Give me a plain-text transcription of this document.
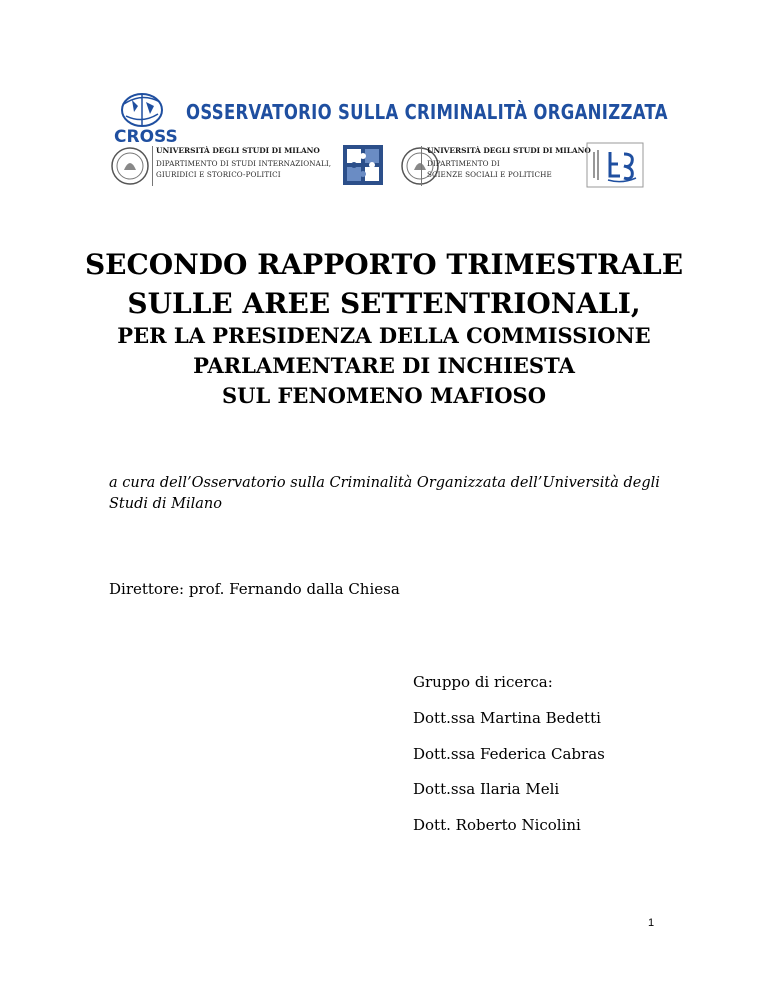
CROSS
OSSERVATORIO SULLA CRIMINALITÀ ORGANIZZATA
UNIVERSITÀ DEGLI STUDI DI MILANO
DIPARTIMENTO DI STUDI INTERNAZIONALI,
GIURIDICI E STORICO-POLITICI
UNIVERSITÀ DEGLI STUDI DI MILANO
DIPARTIMENTO DI
SCIENZE SOCIALI E POLITICHE
SECONDO RAPPORTO TRIMESTRALE
SULLE AREE SETTENTRIONALI,
PER LA PRESIDENZA DELLA COMMISSIONE
PARLAMENTARE DI INCHIESTA
SUL FENOMENO MAFIOSO
a cura dell’Osservatorio sulla Criminalità Organizzata dell’Università degli Studi di Milano
Direttore: prof. Fernando dalla Chiesa
Gruppo di ricerca:
Dott.ssa Martina Bedetti
Dott.ssa Federica Cabras
Dott.ssa Ilaria Meli
Dott. Roberto Nicolini
1
